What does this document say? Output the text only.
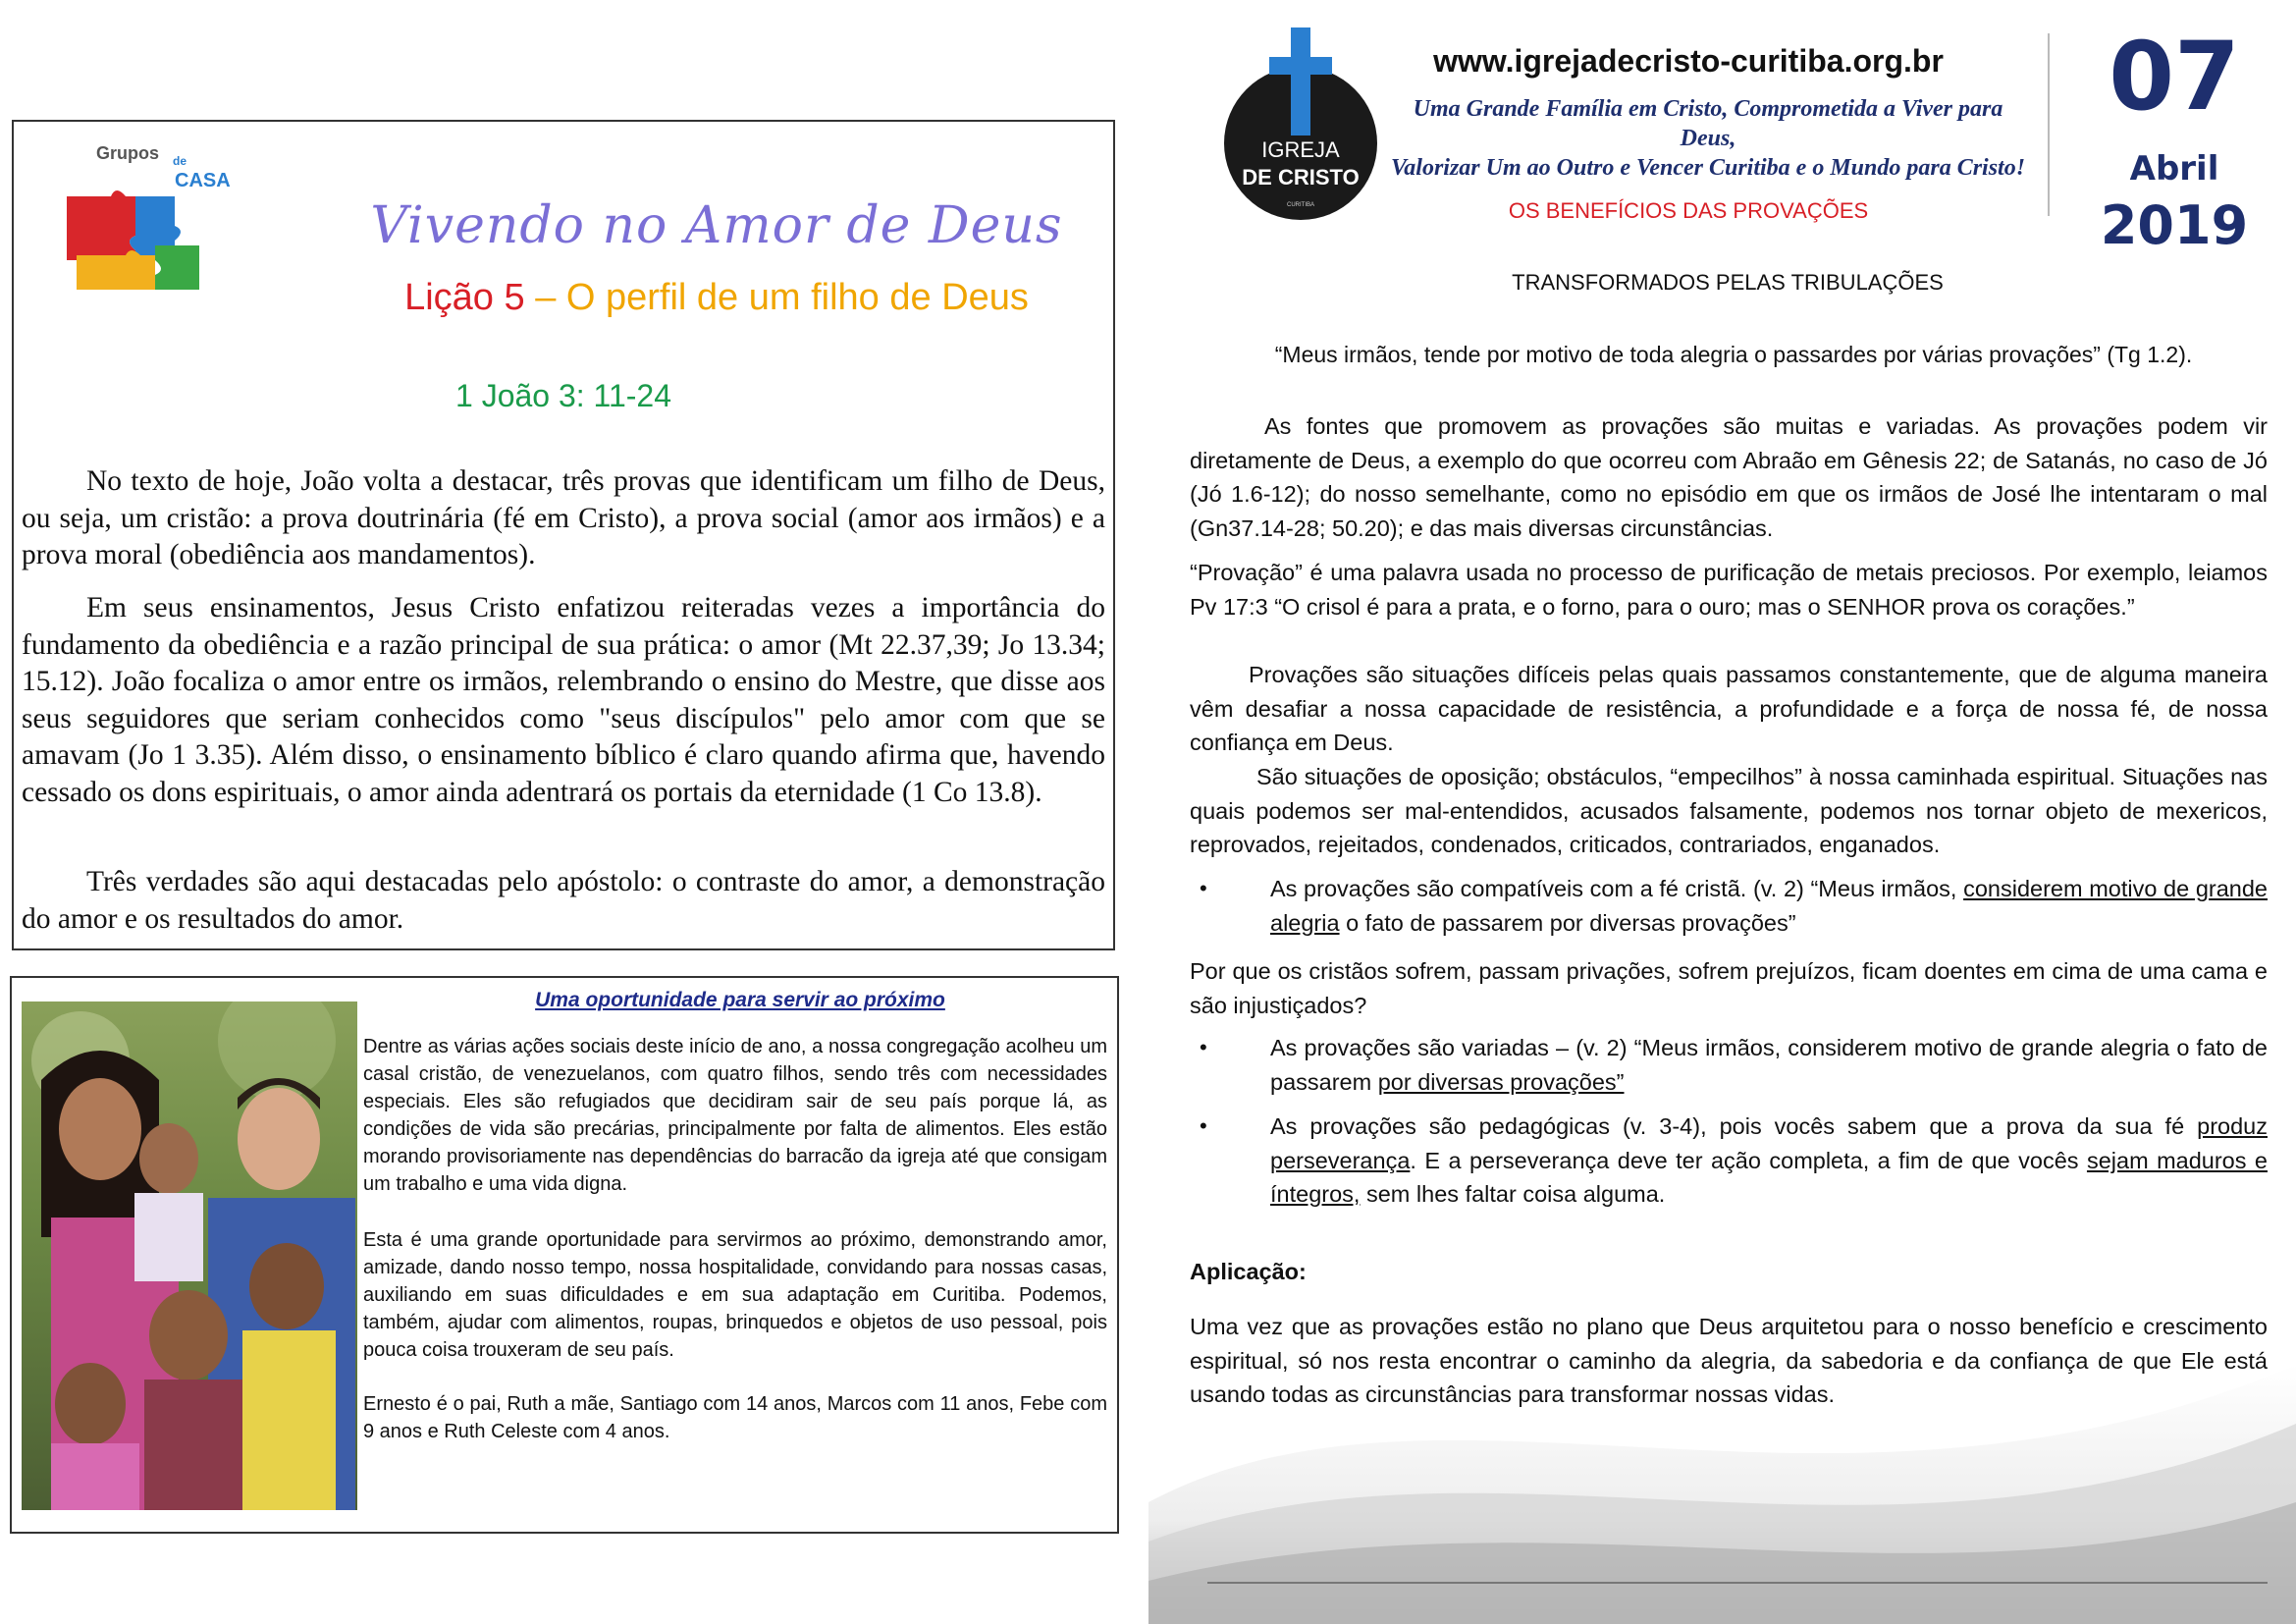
Grupos de
CASA
Vivendo no Amor de Deus
Lição 5 – O perfil de um filho de Deus
1 João 3: 11-24

No texto de hoje, João volta a destacar, três provas que identificam um filho de Deus, ou seja, um cristão: a prova doutrinária (fé em Cristo), a prova social (amor aos irmãos) e a prova moral (obediência aos mandamentos).

Em seus ensinamentos, Jesus Cristo enfatizou reiteradas vezes a importância do fundamento da obediência e a razão principal de sua prática: o amor (Mt 22.37,39; Jo 13.34; 15.12). João focaliza o amor entre os irmãos, relembrando o ensino do Mestre, que disse aos seus seguidores que seriam conhecidos como "seus discípulos" pelo amor com que se amavam (Jo 1 3.35). Além disso, o ensinamento bíblico é claro quando afirma que, havendo cessado os dons espirituais, o amor ainda adentrará os portais da eternidade (1 Co 13.8).

Três verdades são aqui destacadas pelo apóstolo: o contraste do amor, a demonstração do amor e os resultados do amor.

Uma oportunidade para servir ao próximo

Dentre as várias ações sociais deste início de ano, a nossa congregação acolheu um casal cristão, de venezuelanos, com quatro filhos, sendo três com necessidades especiais. Eles são refugiados que decidiram sair de seu país porque lá, as condições de vida são precárias, principalmente por falta de alimentos. Eles estão morando provisoriamente nas dependências do barracão da igreja até que consigam um trabalho e uma vida digna.

Esta é uma grande oportunidade para servirmos ao próximo, demonstrando amor, amizade, dando nosso tempo, nossa hospitalidade, convidando para nossas casas, auxiliando em suas dificuldades e em sua adaptação em Curitiba. Podemos, também, ajudar com alimentos, roupas, brinquedos e objetos de uso pessoal, pois pouca coisa trouxeram de seu país.

Ernesto é o pai, Ruth a mãe, Santiago com 14 anos, Marcos com 11 anos, Febe com 9 anos e Ruth Celeste com 4 anos.

IGREJA
DE CRISTO
CURITIBA
www.igrejadecristo-curitiba.org.br
Uma Grande Família em Cristo, Comprometida a Viver para Deus,
Valorizar Um ao Outro e Vencer Curitiba e o Mundo para Cristo!
07
Abril
2019
OS BENEFÍCIOS DAS PROVAÇÕES
TRANSFORMADOS PELAS TRIBULAÇÕES
“Meus irmãos, tende por motivo de toda alegria o passardes por várias provações” (Tg 1.2).

As fontes que promovem as provações são muitas e variadas. As provações podem vir diretamente de Deus, a exemplo do que ocorreu com Abraão em Gênesis 22; de Satanás, no caso de Jó (Jó 1.6-12); do nosso semelhante, como no episódio em que os irmãos de José lhe intentaram o mal (Gn37.14-28; 50.20); e das mais diversas circunstâncias.

“Provação” é uma palavra usada no processo de purificação de metais preciosos. Por exemplo, leiamos Pv 17:3 “O crisol é para a prata, e o forno, para o ouro; mas o SENHOR prova os corações.”

Provações são situações difíceis pelas quais passamos constantemente, que de alguma maneira vêm desafiar a nossa capacidade de resistência, a profundidade e a força de nossa fé, de nossa confiança em Deus.

São situações de oposição; obstáculos, “empecilhos” à nossa caminhada espiritual. Situações nas quais podemos ser mal-entendidos, acusados falsamente, podemos nos tornar objeto de mexericos, reprovados, rejeitados, condenados, criticados, contrariados, enganados.

•	As provações são compatíveis com a fé cristã. (v. 2) “Meus irmãos, considerem motivo de grande alegria o fato de passarem por diversas provações”

Por que os cristãos sofrem, passam privações, sofrem prejuízos, ficam doentes em cima de uma cama e são injustiçados?

•	As provações são variadas – (v. 2) “Meus irmãos, considerem motivo de grande alegria o fato de passarem por diversas provações”

•	As provações são pedagógicas (v. 3-4), pois vocês sabem que a prova da sua fé produz perseverança. E a perseverança deve ter ação completa, a fim de que vocês sejam maduros e íntegros, sem lhes faltar coisa alguma.

Aplicação:

Uma vez que as provações estão no plano que Deus arquitetou para o nosso benefício e crescimento espiritual, só nos resta encontrar o caminho da alegria, da sabedoria e da confiança de que Ele está usando todas as circunstâncias para transformar nossas vidas.
